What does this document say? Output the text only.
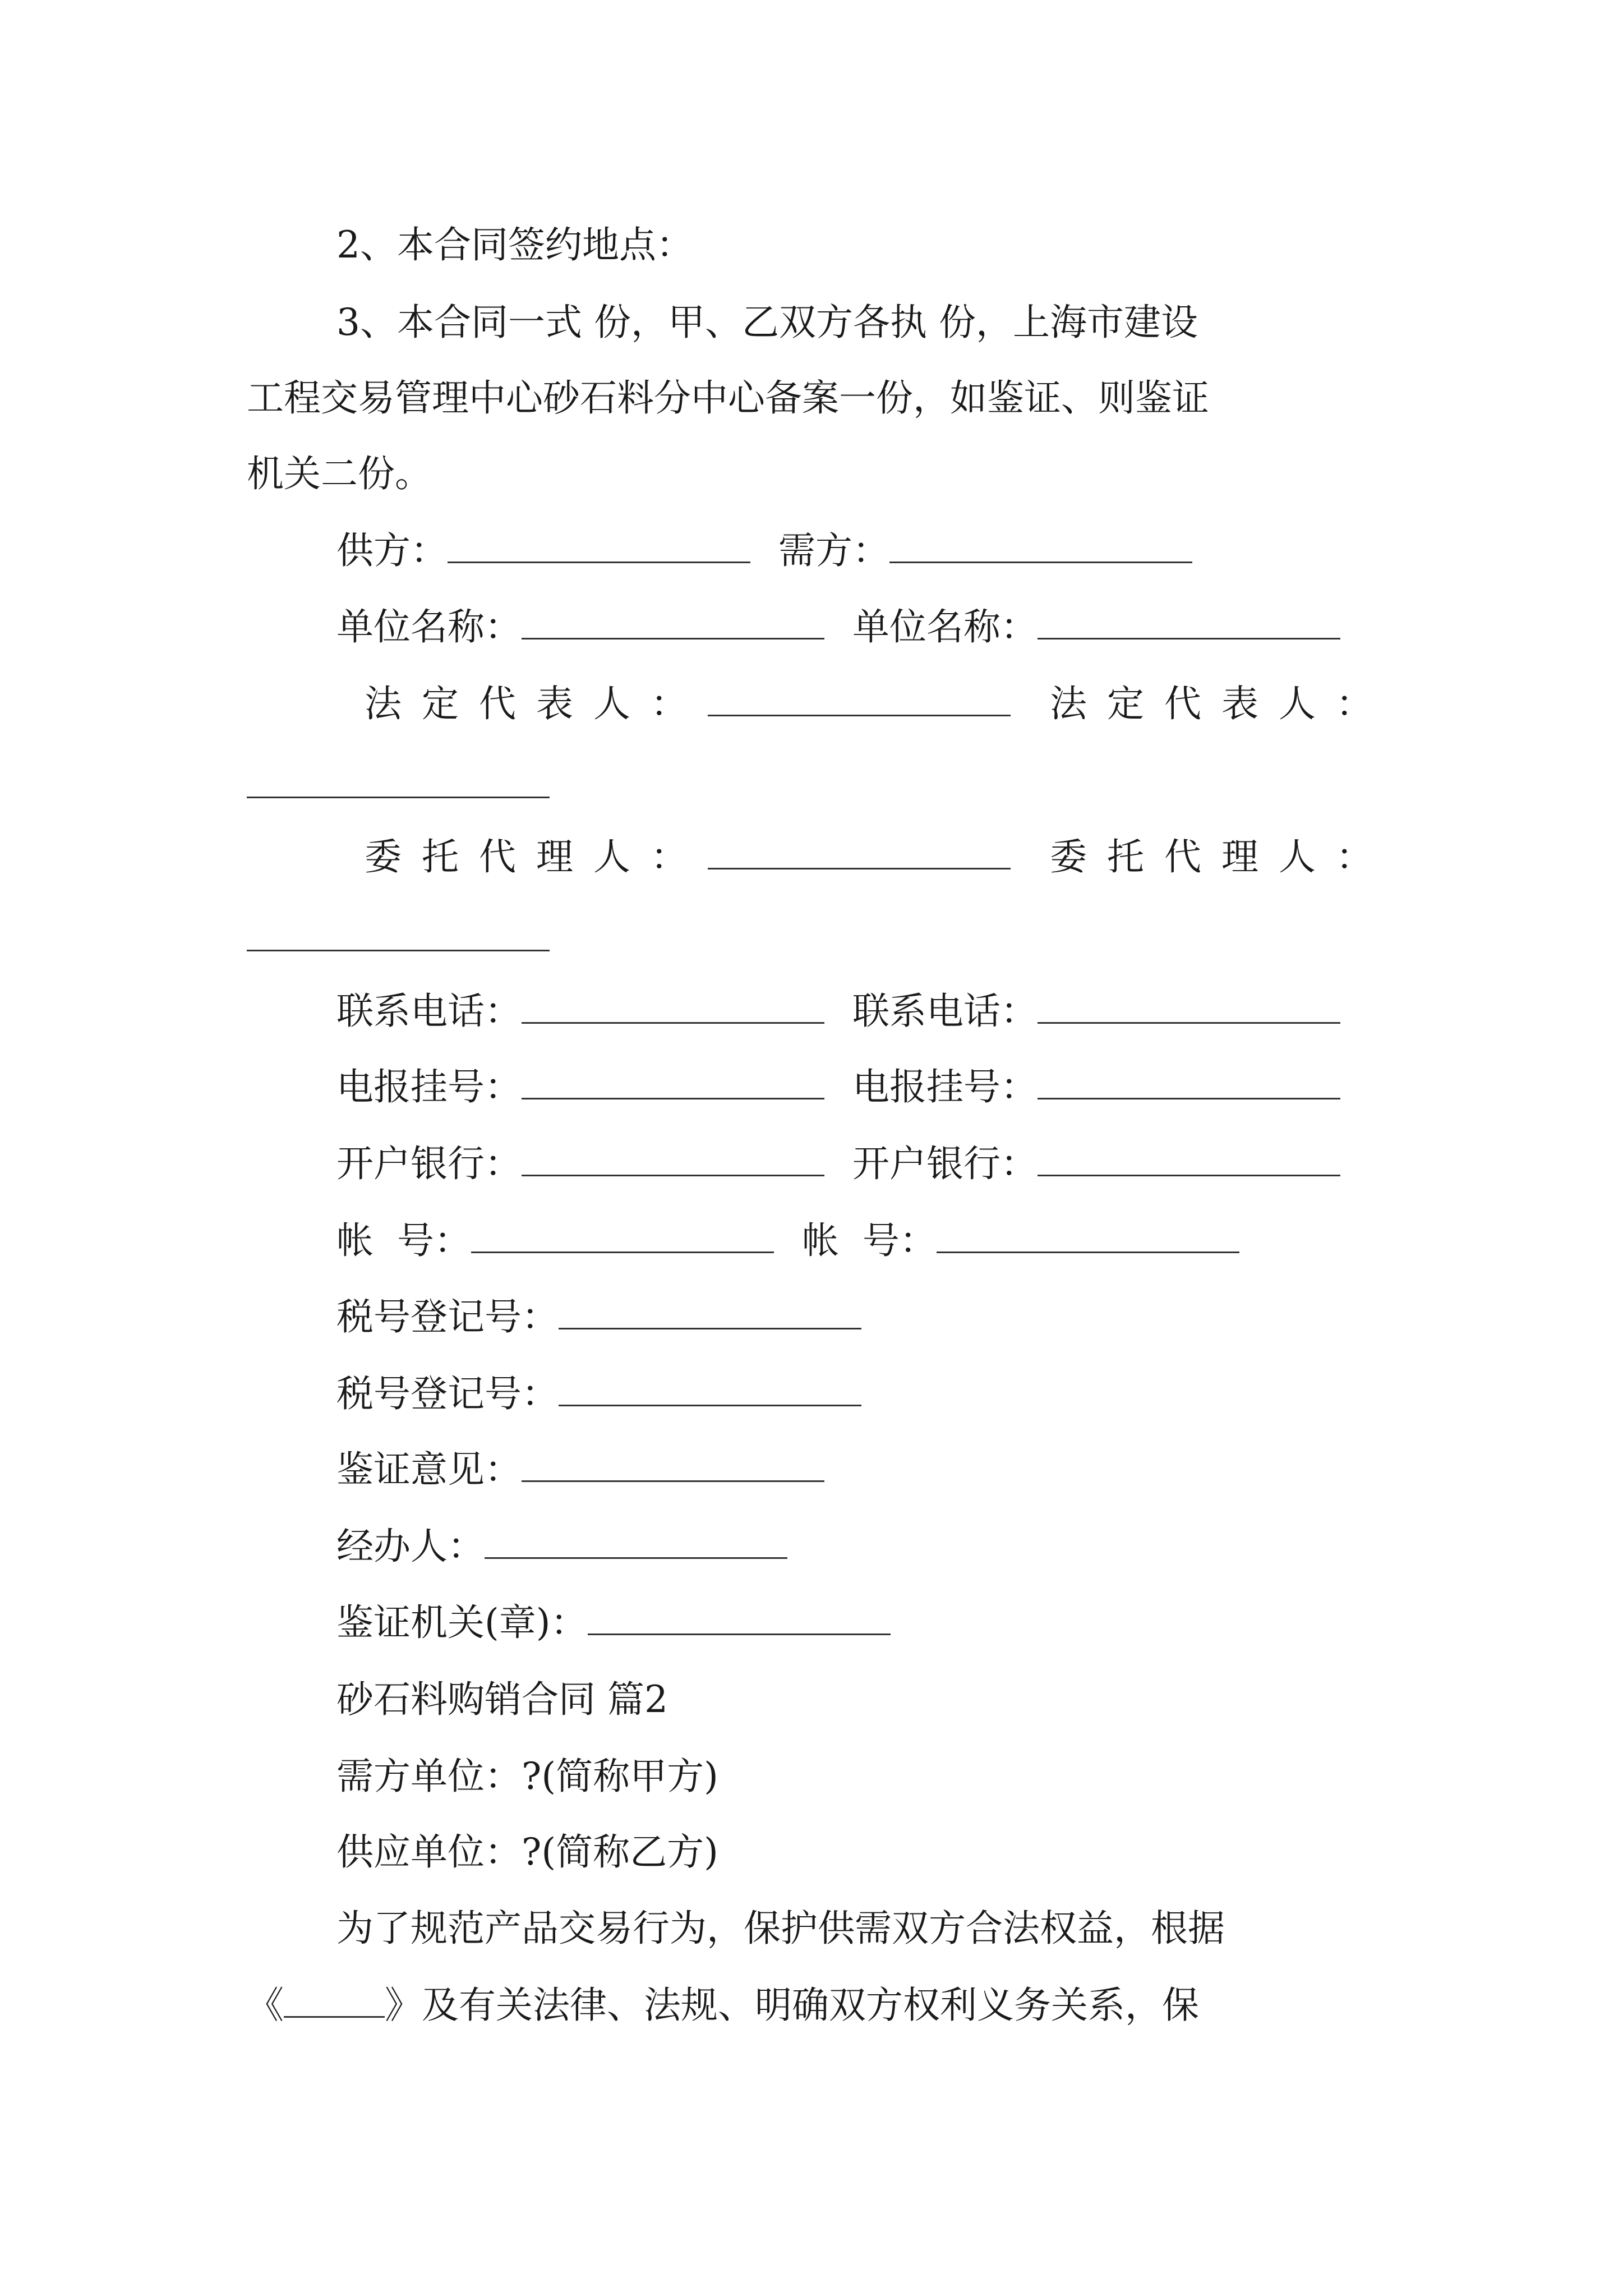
2、本合同签约地点：
3、本合同一式 份，甲、乙双方各执 份，上海市建设
工程交易管理中心砂石料分中心备案一份，如鉴证、则鉴证
机关二份。
供方：	需方：
单位名称：	单位名称：
法定代表人：	法定代表人：
委托代理人：	委托代理人：
联系电话：	联系电话：
电报挂号：	电报挂号：
开户银行：	开户银行：
帐  号：	帐  号：
税号登记号：
税号登记号：
鉴证意见：
经办人：
鉴证机关(章)：
砂石料购销合同 篇2
需方单位：?(简称甲方)
供应单位：?(简称乙方)
为了规范产品交易行为，保护供需双方合法权益，根据
《	》及有关法律、法规、明确双方权利义务关系，保
